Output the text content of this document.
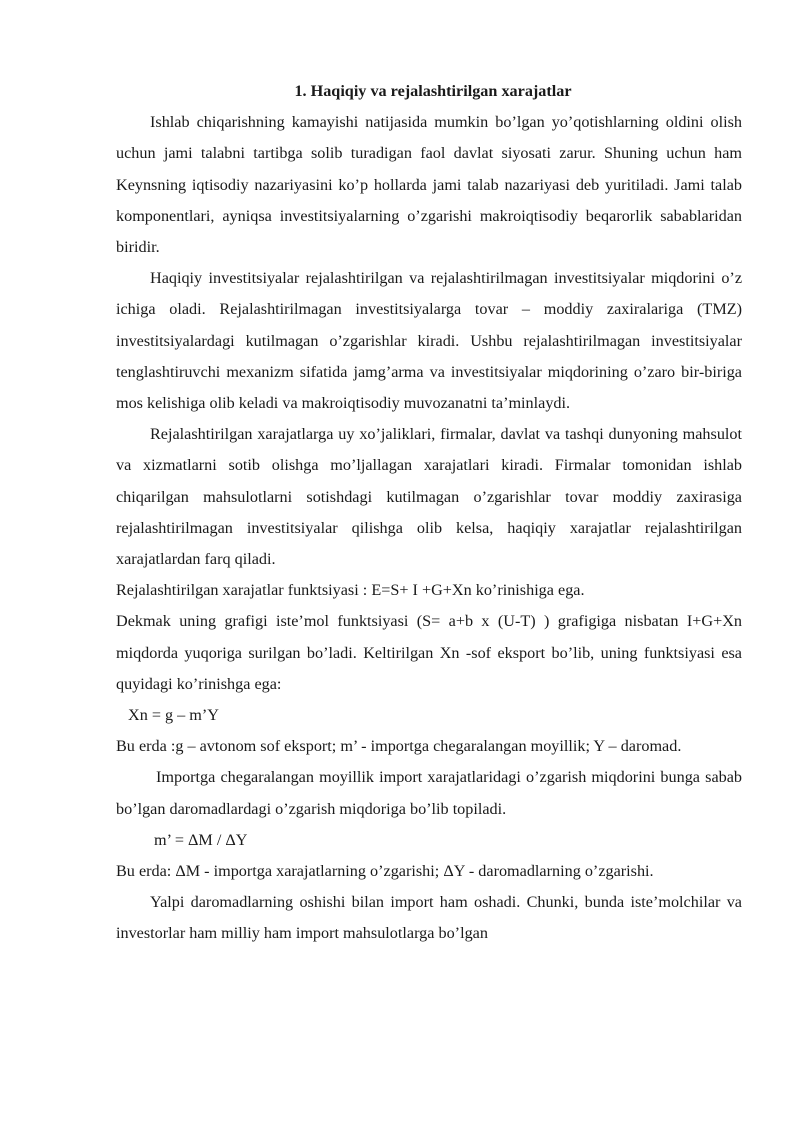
1. Haqiqiy va rejalashtirilgan xarajatlar

Ishlab chiqarishning kamayishi natijasida mumkin bo’lgan yo’qotishlarning oldini olish uchun jami talabni tartibga solib turadigan faol davlat siyosati zarur. Shuning uchun ham Keynsning iqtisodiy nazariyasini ko’p hollarda jami talab nazariyasi deb yuritiladi. Jami talab komponentlari, ayniqsa investitsiyalarning o’zgarishi makroiqtisodiy beqarorlik sabablaridan biridir.

Haqiqiy investitsiyalar rejalashtirilgan va rejalashtirilmagan investitsiyalar miqdorini o’z ichiga oladi. Rejalashtirilmagan investitsiyalarga tovar – moddiy zaxiralariga (TMZ) investitsiyalardagi kutilmagan o’zgarishlar kiradi. Ushbu rejalashtirilmagan investitsiyalar tenglashtiruvchi mexanizm sifatida jamg’arma va investitsiyalar miqdorining o’zaro bir-biriga mos kelishiga olib keladi va makroiqtisodiy muvozanatni ta’minlaydi.

Rejalashtirilgan xarajatlarga uy xo’jaliklari, firmalar, davlat va tashqi dunyoning mahsulot va xizmatlarni sotib olishga mo’ljallagan xarajatlari kiradi. Firmalar tomonidan ishlab chiqarilgan mahsulotlarni sotishdagi kutilmagan o’zgarishlar tovar moddiy zaxirasiga rejalashtirilmagan investitsiyalar qilishga olib kelsa, haqiqiy xarajatlar rejalashtirilgan xarajatlardan farq qiladi.

Rejalashtirilgan xarajatlar funktsiyasi : E=S+ I +G+Xn ko’rinishiga ega.

Dekmak uning grafigi iste’mol funktsiyasi (S= a+b x (U-T) ) grafigiga nisbatan I+G+Xn miqdorda yuqoriga surilgan bo’ladi. Keltirilgan Xn -sof eksport bo’lib, uning funktsiyasi esa quyidagi ko’rinishga ega:

Xn = g – m’Y

Bu erda :g – avtonom sof eksport; m’ - importga chegaralangan moyillik; Y – daromad.

Importga chegaralangan moyillik import xarajatlaridagi o’zgarish miqdorini bunga sabab bo’lgan daromadlardagi o’zgarish miqdoriga bo’lib topiladi.

m’ = ΔM / ΔY

Bu erda: ΔM - importga xarajatlarning o’zgarishi; ΔY - daromadlarning o’zgarishi.

Yalpi daromadlarning oshishi bilan import ham oshadi. Chunki, bunda iste’molchilar va investorlar ham milliy ham import mahsulotlarga bo’lgan
